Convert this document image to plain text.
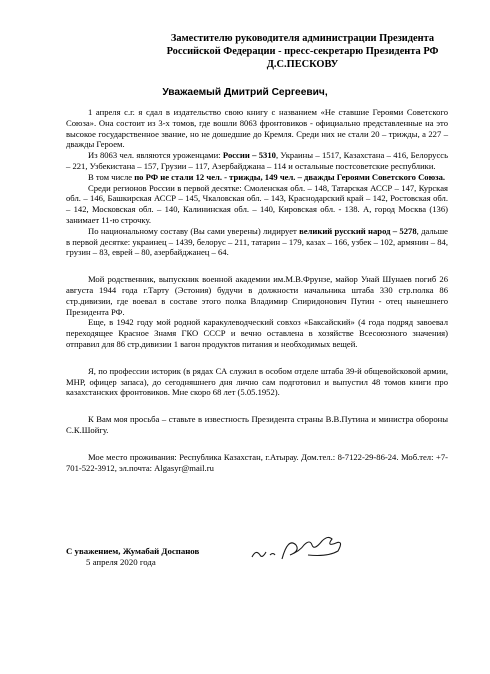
Заместителю руководителя администрации Президента
Российской Федерации - пресс-секретарю Президента РФ
Д.С.ПЕСКОВУ
Уважаемый Дмитрий Сергеевич,

1 апреля с.г. я сдал в издательство свою книгу с названием «Не ставшие Героями Советского Союза». Она состоит из 3-х томов, где вошли 8063 фронтовиков - официально представленные на это высокое государственное звание, но не дошедшие до Кремля. Среди них не стали 20 – трижды, а 227 – дважды Героем.

Из 8063 чел. являются уроженцами: России – 5310, Украины – 1517, Казахстана – 416, Белоруссь – 221, Узбекистана – 157, Грузии – 117, Азербайджана – 114 и остальные постсоветские республики.

В том числе по РФ не стали 12 чел. - трижды, 149 чел. – дважды Героями Советского Союза.

Среди регионов России в первой десятке: Смоленская обл. – 148, Татарская АССР – 147, Курская обл. – 146, Башкирская АССР – 145, Чкаловская обл. – 143, Краснодарский край – 142, Ростовская обл. – 142, Московская обл. – 140, Калининская обл. – 140, Кировская обл. - 138. А, город Москва (136) занимает 11-ю строчку.

По национальному составу (Вы сами уверены) лидирует великий русский народ – 5278, дальше в первой десятке: украинец – 1439, белорус – 211, татарин – 179, казах – 166, узбек – 102, армянин – 84, грузин – 83, еврей – 80, азербайджанец – 64.

Мой родственник, выпускник военной академии им.М.В.Фрунзе, майор Унай Шунаев погиб 26 августа 1944 года г.Тарту (Эстония) будучи в должности начальника штаба 330 стр.полка 86 стр.дивизии, где воевал в составе этого полка Владимир Спиридонович Путин - отец нынешнего Президента РФ.

Еще, в 1942 году мой родной каракулеводческий совхоз «Баксайский» (4 года подряд завоевал переходящее Красное Знамя ГКО СССР и вечно оставлена в хозяйстве Всесоюзного значения) отправил для 86 стр.дивизии 1 вагон продуктов питания и необходимых вещей.

Я, по профессии историк (в рядах СА служил в особом отделе штаба 39-й общевойсковой армии, МНР, офицер запаса), до сегодняшнего дня лично сам подготовил и выпустил 48 томов книги про казахстанских фронтовиков. Мне скоро 68 лет (5.05.1952).

К Вам моя просьба – ставьте в известность Президента страны В.В.Путина и министра обороны С.К.Шойгу.

Мое место проживания: Республика Казахстан, г.Атырау. Дом.тел.: 8-7122-29-86-24. Моб.тел: +7-701-522-3912, эл.почта: Algasyr@mail.ru

С уважением, Жумабай Доспанов
5 апреля 2020 года
